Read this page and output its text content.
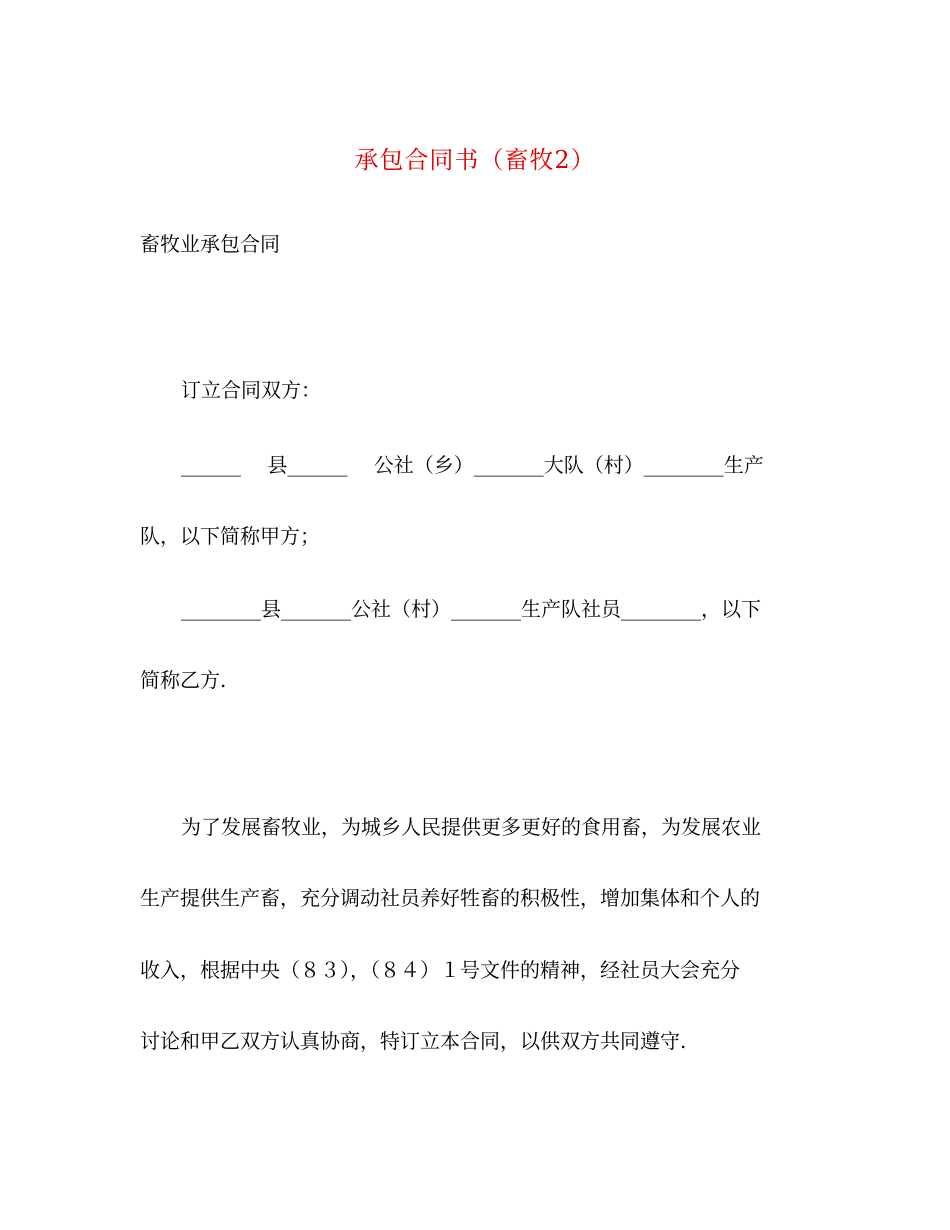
承包合同书（畜牧2）
畜牧业承包合同
订立合同双方：
______　 县______ 　公社（乡）_______大队（村）________生产
队，以下简称甲方；
________县_______公社（村）_______生产队社员________，以下
简称乙方.
为了发展畜牧业，为城乡人民提供更多更好的食用畜，为发展农业
生产提供生产畜，充分调动社员养好牲畜的积极性，增加集体和个人的
收入，根据中央（８３），（８４）１号文件的精神，经社员大会充分
讨论和甲乙双方认真协商，特订立本合同，以供双方共同遵守.
